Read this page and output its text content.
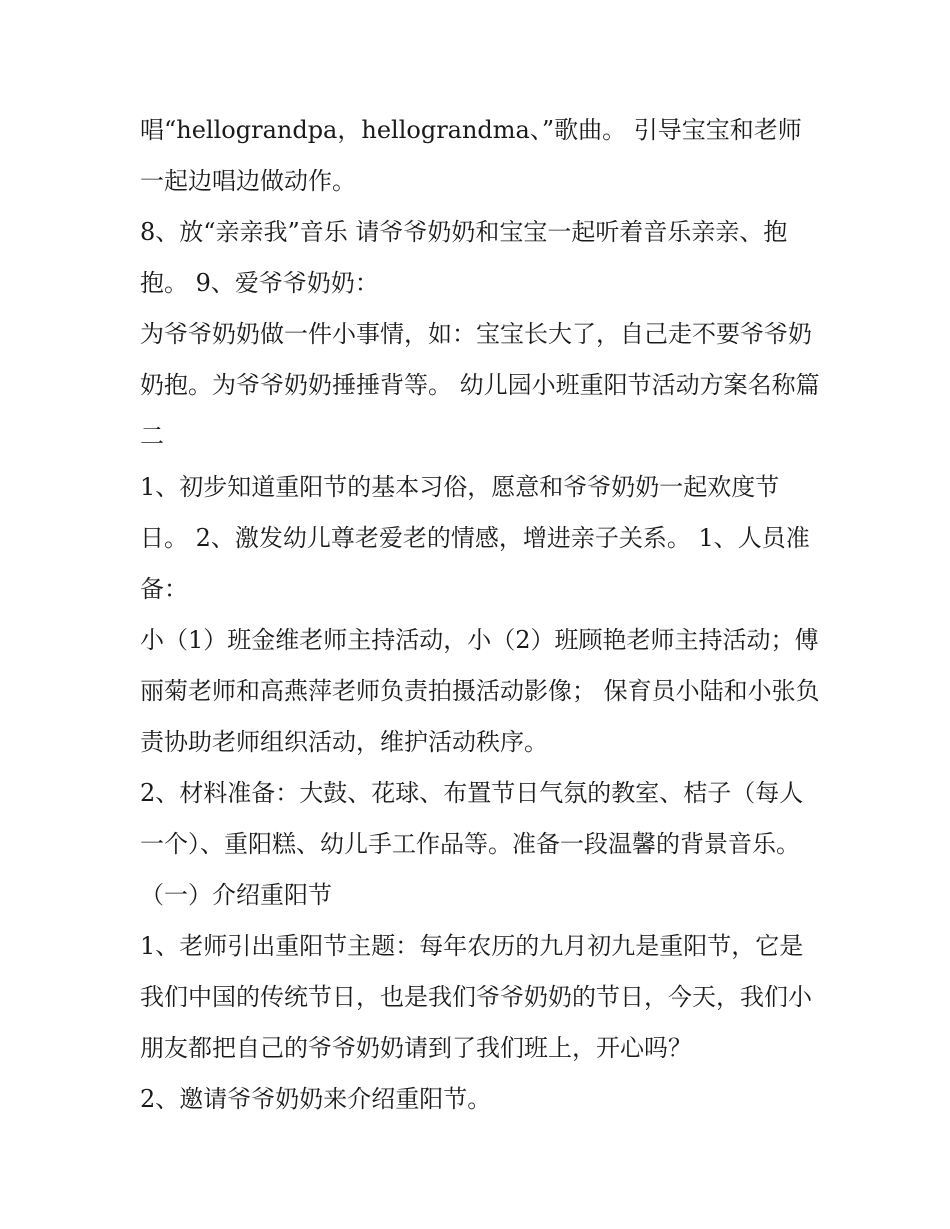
唱“hellograndpa，hellograndma、”歌曲。 引导宝宝和老师一起边唱边做动作。

8、放“亲亲我”音乐 请爷爷奶奶和宝宝一起听着音乐亲亲、抱抱。 9、爱爷爷奶奶：

为爷爷奶奶做一件小事情，如：宝宝长大了，自己走不要爷爷奶奶抱。为爷爷奶奶捶捶背等。 幼儿园小班重阳节活动方案名称篇二

1、初步知道重阳节的基本习俗，愿意和爷爷奶奶一起欢度节日。 2、激发幼儿尊老爱老的情感，增进亲子关系。 1、人员准备：

小（1）班金维老师主持活动，小（2）班顾艳老师主持活动；傅丽菊老师和高燕萍老师负责拍摄活动影像； 保育员小陆和小张负责协助老师组织活动，维护活动秩序。

2、材料准备：大鼓、花球、布置节日气氛的教室、桔子（每人一个）、重阳糕、幼儿手工作品等。准备一段温馨的背景音乐。 （一）介绍重阳节

1、老师引出重阳节主题：每年农历的九月初九是重阳节，它是我们中国的传统节日，也是我们爷爷奶奶的节日，今天，我们小朋友都把自己的爷爷奶奶请到了我们班上，开心吗？

2、邀请爷爷奶奶来介绍重阳节。
